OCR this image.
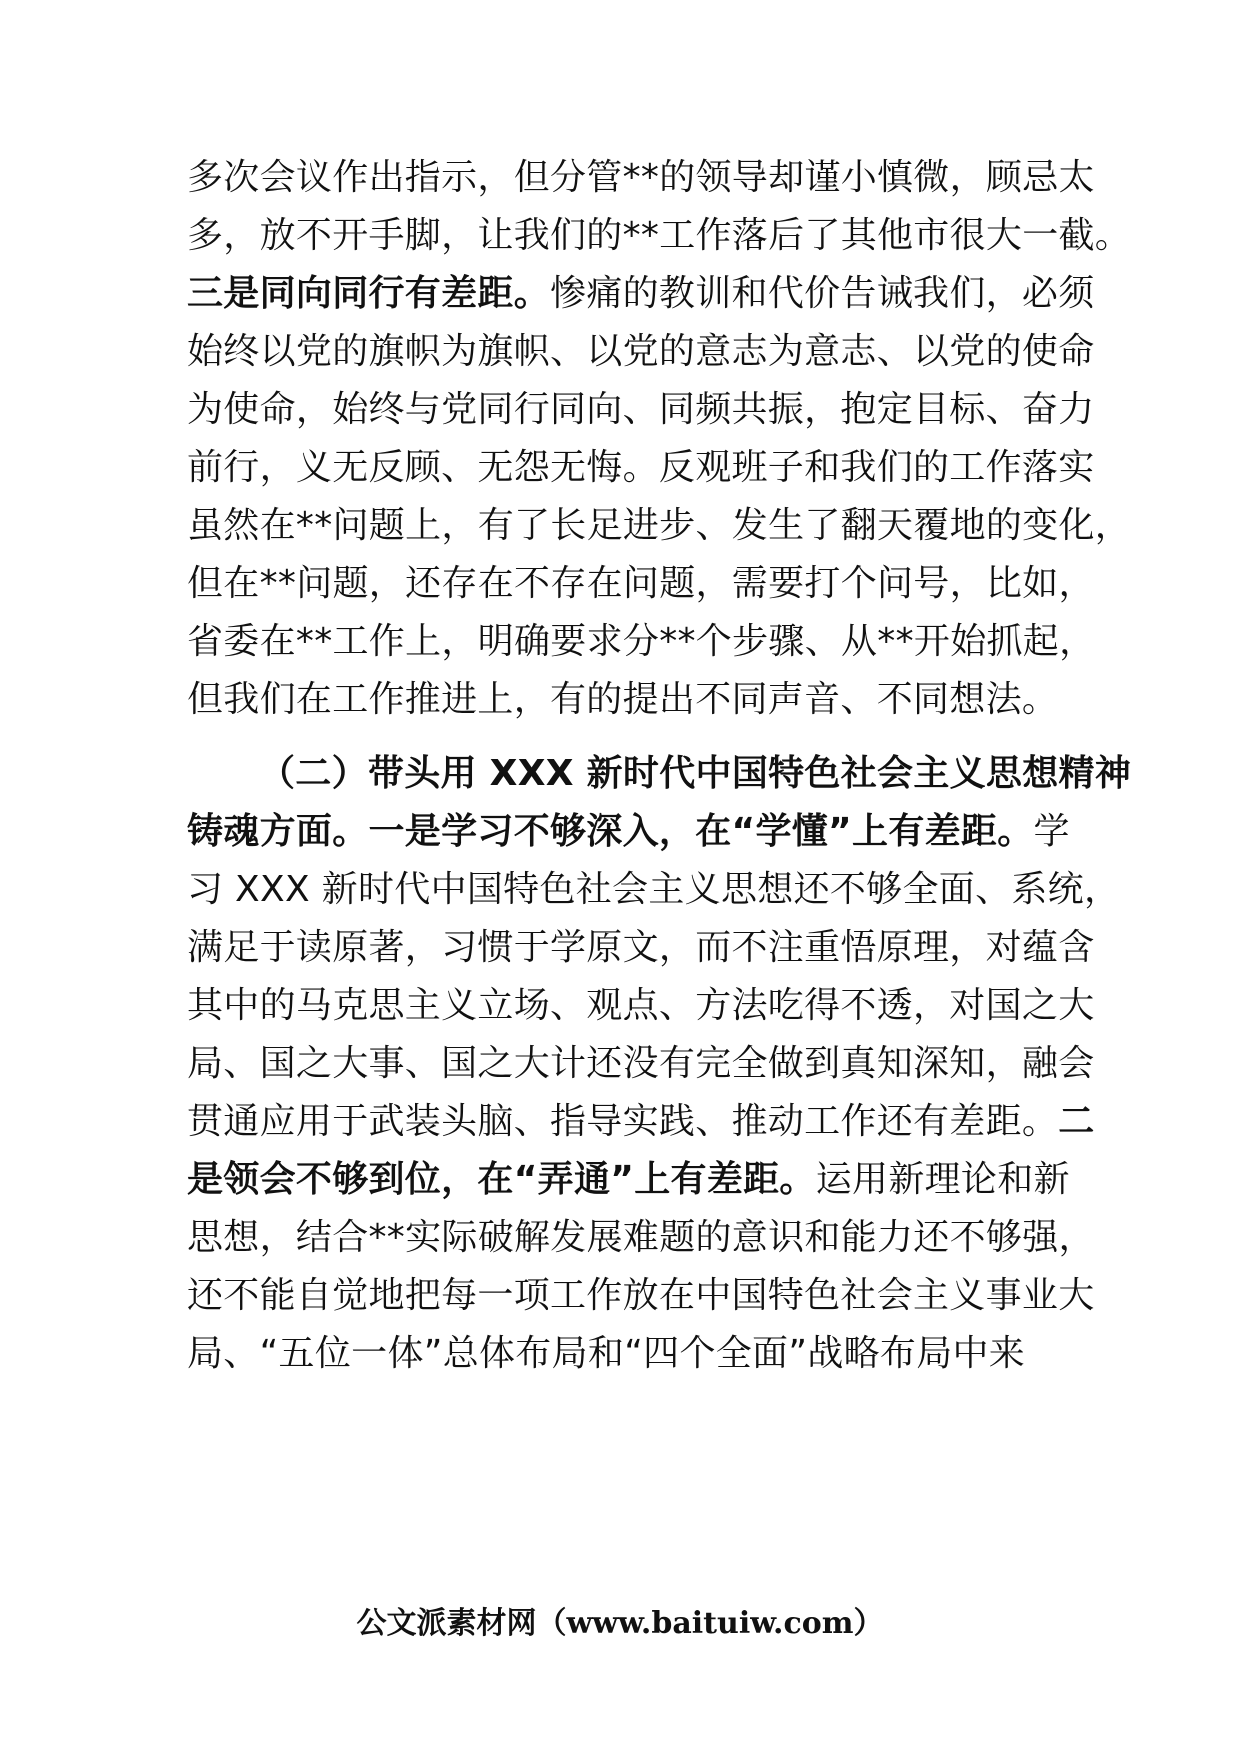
多次会议作出指示，但分管**的领导却谨小慎微，顾忌太
多，放不开手脚，让我们的**工作落后了其他市很大一截。
三是同向同行有差距。惨痛的教训和代价告诫我们，必须
始终以党的旗帜为旗帜、以党的意志为意志、以党的使命
为使命，始终与党同行同向、同频共振，抱定目标、奋力
前行，义无反顾、无怨无悔。反观班子和我们的工作落实
虽然在**问题上，有了长足进步、发生了翻天覆地的变化，
但在**问题，还存在不存在问题，需要打个问号，比如，
省委在**工作上，明确要求分**个步骤、从**开始抓起，
但我们在工作推进上，有的提出不同声音、不同想法。
（二）带头用 XXX 新时代中国特色社会主义思想精神
铸魂方面。一是学习不够深入，在“学懂”上有差距。学
习 XXX 新时代中国特色社会主义思想还不够全面、系统，
满足于读原著，习惯于学原文，而不注重悟原理，对蕴含
其中的马克思主义立场、观点、方法吃得不透，对国之大
局、国之大事、国之大计还没有完全做到真知深知，融会
贯通应用于武装头脑、指导实践、推动工作还有差距。二
是领会不够到位，在“弄通”上有差距。运用新理论和新
思想，结合**实际破解发展难题的意识和能力还不够强，
还不能自觉地把每一项工作放在中国特色社会主义事业大
局、“五位一体”总体布局和“四个全面”战略布局中来
公文派素材网（www.baituiw.com）
